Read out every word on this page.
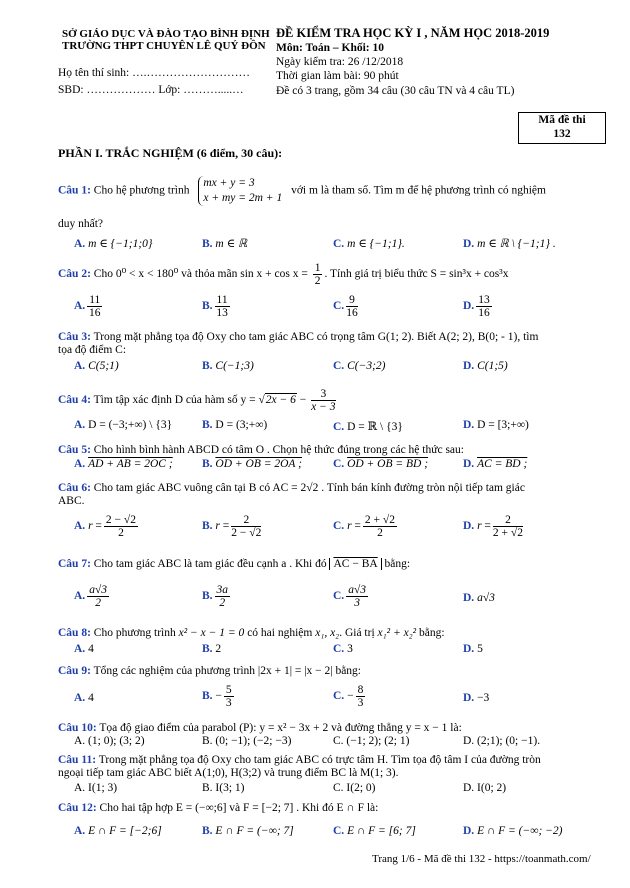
SỞ GIÁO DỤC VÀ ĐÀO TẠO BÌNH ĐỊNH
TRƯỜNG THPT CHUYÊN LÊ QUÝ ĐÔN
Họ tên thí sinh: ….………………………
SBD: ……………… Lớp: ……….....…
ĐỀ KIỂM TRA HỌC KỲ I , NĂM HỌC 2018-2019
Môn: Toán – Khối: 10
Ngày kiểm tra: 26 /12/2018
Thời gian làm bài: 90 phút
Đề có 3 trang, gồm 34 câu (30 câu TN và 4 câu TL)
Mã đề thi
132
PHẦN I. TRẮC NGHIỆM (6 điểm, 30 câu):
Câu 1: Cho hệ phương trình
mx + y = 3
x + my = 2m + 1
với m là tham số. Tìm m để hệ phương trình có nghiệm
duy nhất?
A. m ∈ {−1;1;0}	B. m ∈ ℝ	C. m ∈ {−1;1}.	D. m ∈ ℝ \ {−1;1} .
Câu 2: Cho 0⁰ < x < 180⁰ và thỏa mãn $\sin x + \cos x = \frac{1}{2}$ . Tính giá trị biểu thức S = sin³x + cos³x
A. $\frac{11}{16}$	B. $\frac{11}{13}$	C. $\frac{9}{16}$	D. $\frac{13}{16}$
Câu 3: Trong mặt phẳng tọa độ Oxy cho tam giác ABC có trọng tâm G(1; 2). Biết A(2; 2), B(0; - 1), tìm
tọa độ điểm C:
A. C(5;1)	B. C(−1;3)	C. C(−3;2)	D. C(1;5)
Câu 4: Tìm tập xác định D của hàm số $y = √2x - 6 - \frac{3}{x - 3}$
A. D = (−3;+∞) \ {3}	B. D = (3;+∞)	C. D = ℝ \ {3}	D. D = [3;+∞)
Câu 5: Cho hình bình hành ABCD có tâm O . Chọn hệ thức đúng trong các hệ thức sau:
A. AD + AB = 2OC ;	B. OD + OB = 2OA ;	C. OD + OB = BD ;	D. AC = BD ;
Câu 6: Cho tam giác ABC vuông cân tại B có AC = 2√2 . Tính bán kính đường tròn nội tiếp tam giác
ABC.
A. $r = \frac{2 - √2}{2}$	B. $r = \frac{2}{2 - √2}$	C. $r = \frac{2 + √2}{2}$	D. $r = \frac{2}{2 + √2}$
Câu 7: Cho tam giác ABC là tam giác đều cạnh a . Khi đó AC − BA bằng:
A. $\frac{a√3}{2}$	B. $\frac{3a}{2}$	C. $\frac{a√3}{3}$	D. a√3
Câu 8: Cho phương trình x² − x − 1 = 0 có hai nghiệm x₁, x₂. Giá trị x₁² + x₂² bằng:
A. 4	B. 2	C. 3	D. 5
Câu 9: Tổng các nghiệm của phương trình |2x + 1| = |x − 2| bằng:
A. 4	B. − $\frac{5}{3}$	C. − $\frac{8}{3}$	D. −3
Câu 10: Tọa độ giao điểm của parabol (P): y = x² − 3x + 2 và đường thẳng y = x − 1 là:
A. (1; 0); (3; 2)	B. (0; −1); (−2; −3)	C. (−1; 2); (2; 1)	D. (2;1); (0; −1).
Câu 11: Trong mặt phẳng tọa độ Oxy cho tam giác ABC có trực tâm H. Tìm tọa độ tâm I của đường tròn
ngoại tiếp tam giác ABC biết A(1;0), H(3;2) và trung điểm BC là M(1; 3).
A. I(1; 3)	B. I(3; 1)	C. I(2; 0)	D. I(0; 2)
Câu 12: Cho hai tập hợp E = (−∞;6] và F = [−2; 7] . Khi đó E ∩ F là:
A. E ∩ F = [−2;6]	B. E ∩ F = (−∞; 7]	C. E ∩ F = [6; 7]	D. E ∩ F = (−∞; −2)
Trang 1/6 - Mã đề thi 132 - https://toanmath.com/
